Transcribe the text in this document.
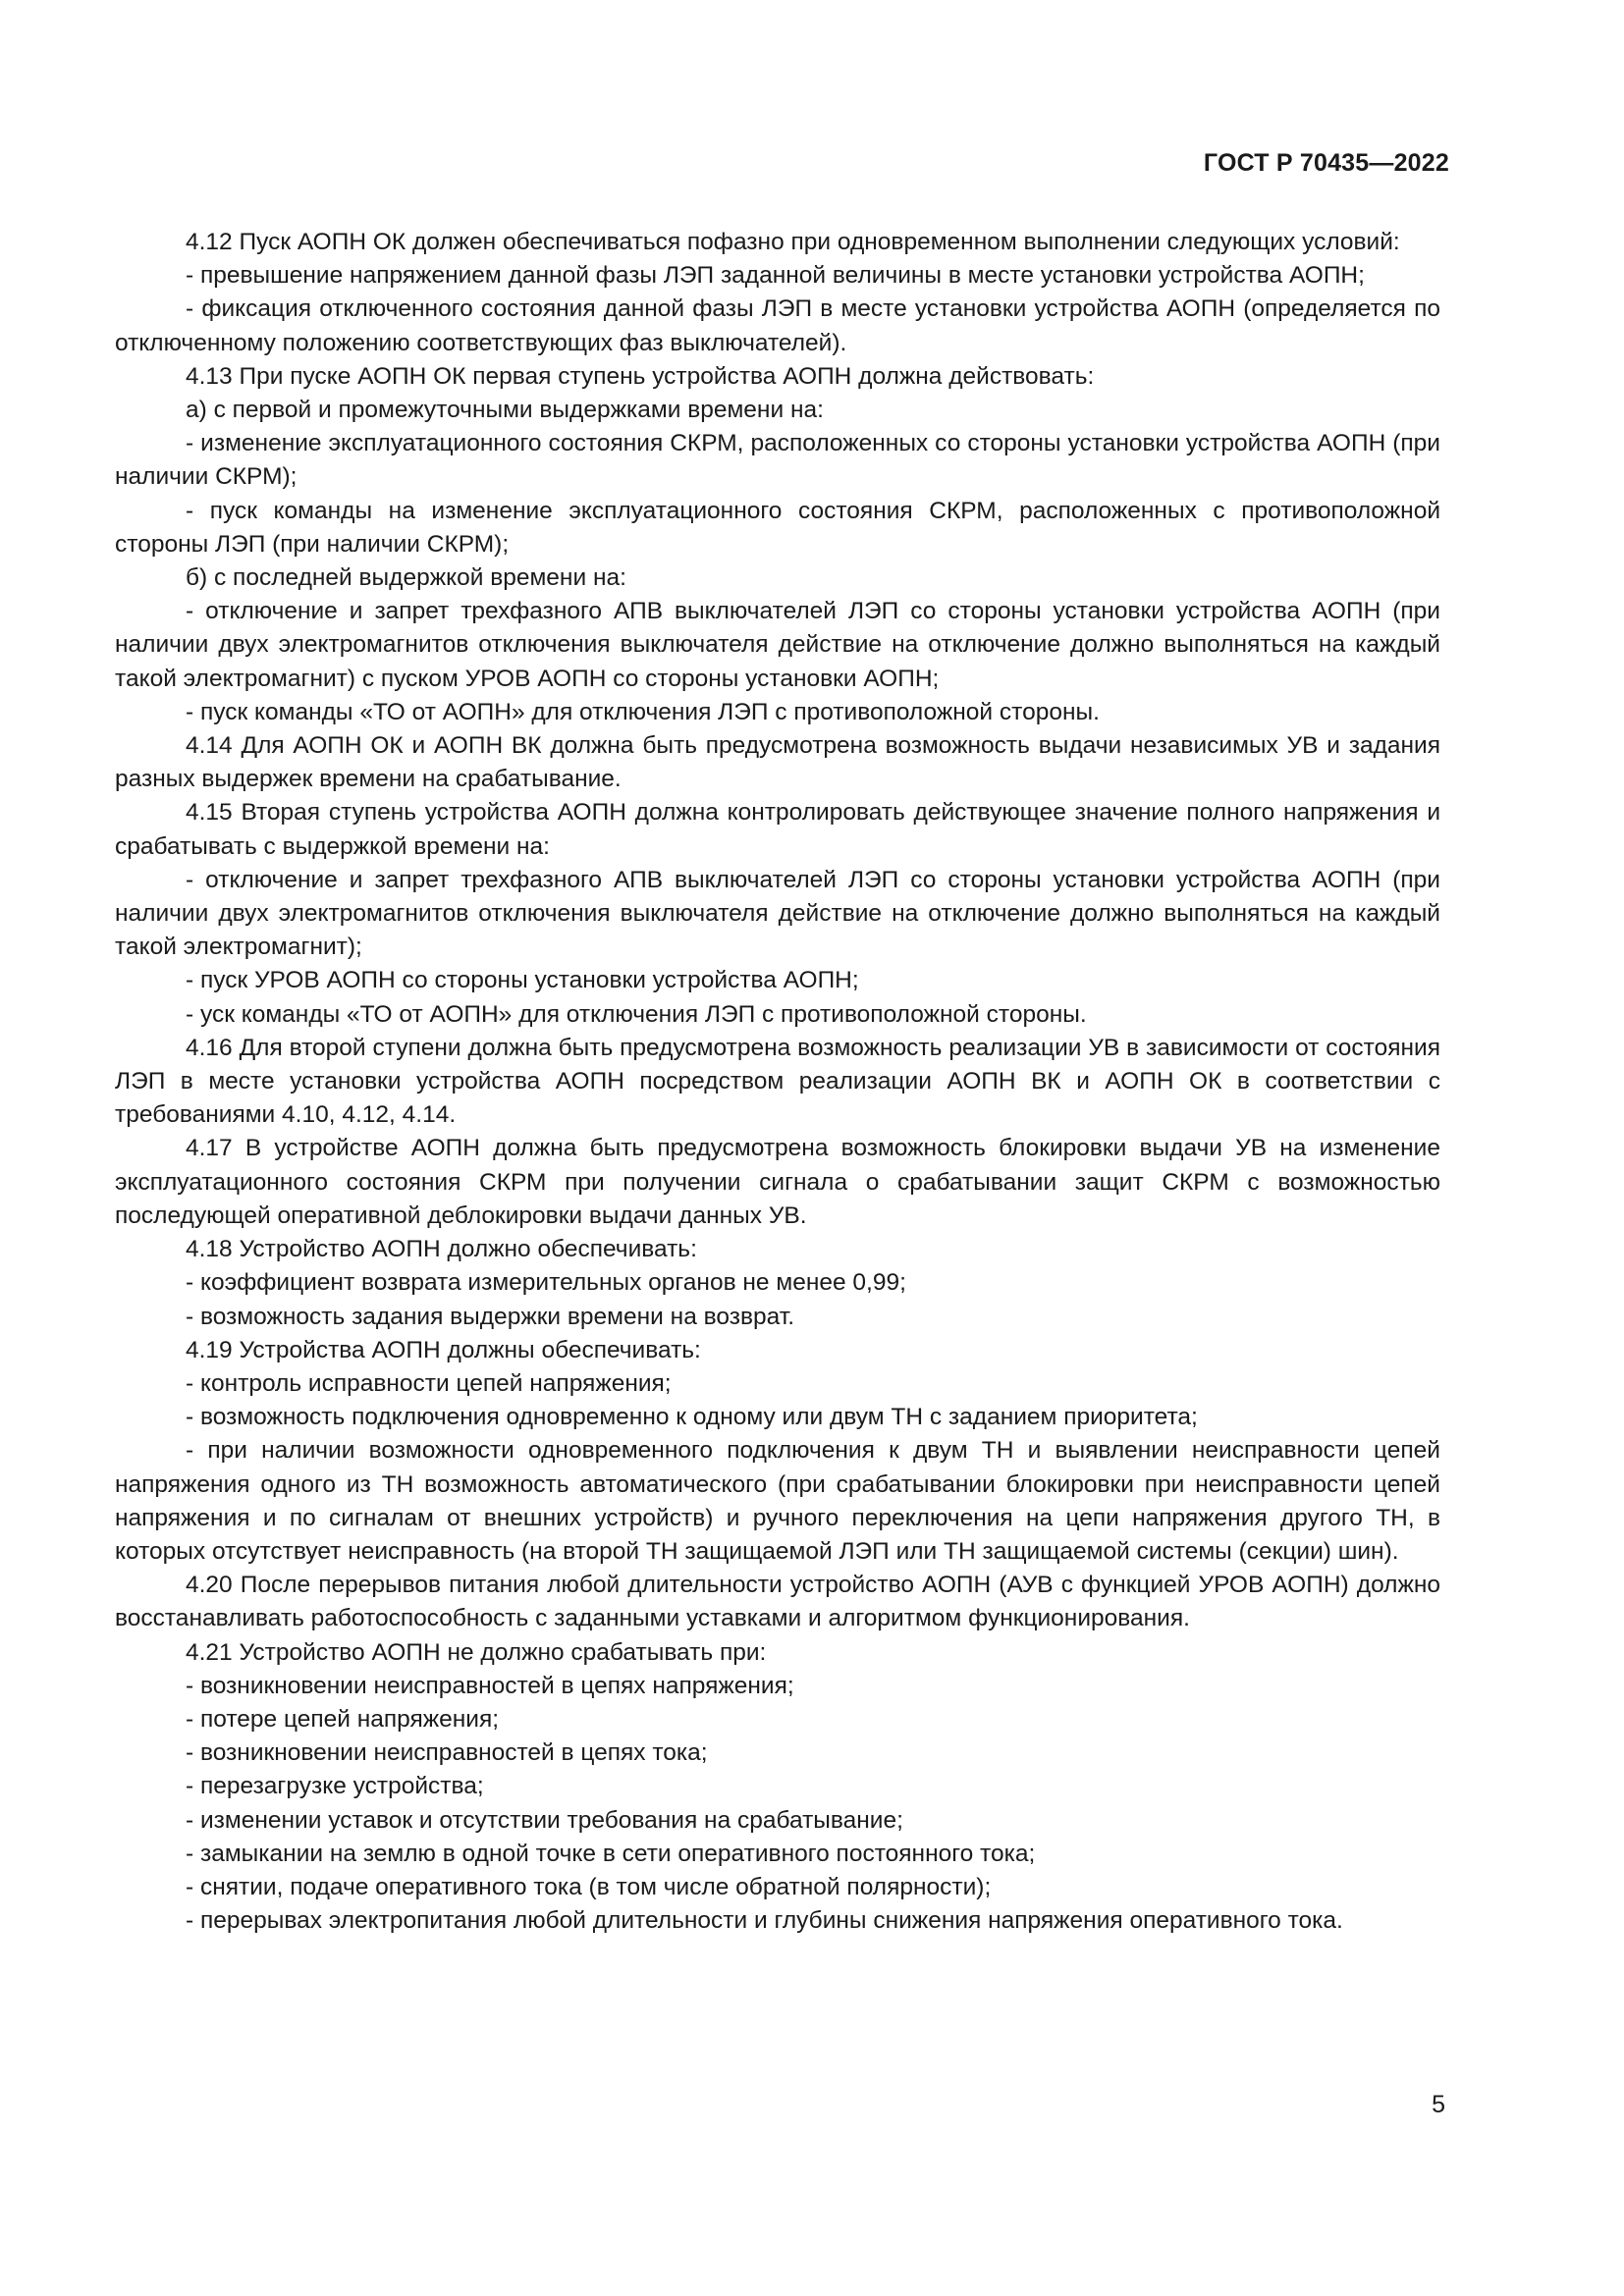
ГОСТ Р 70435—2022

4.12 Пуск АОПН ОК должен обеспечиваться пофазно при одновременном выполнении следующих условий:

- превышение напряжением данной фазы ЛЭП заданной величины в месте установки устройства АОПН;

- фиксация отключенного состояния данной фазы ЛЭП в месте установки устройства АОПН (определяется по отключенному положению соответствующих фаз выключателей).

4.13 При пуске АОПН ОК первая ступень устройства АОПН должна действовать:

а) с первой и промежуточными выдержками времени на:

- изменение эксплуатационного состояния СКРМ, расположенных со стороны установки устройства АОПН (при наличии СКРМ);

- пуск команды на изменение эксплуатационного состояния СКРМ, расположенных с противоположной стороны ЛЭП (при наличии СКРМ);

б) с последней выдержкой времени на:

- отключение и запрет трехфазного АПВ выключателей ЛЭП со стороны установки устройства АОПН (при наличии двух электромагнитов отключения выключателя действие на отключение должно выполняться на каждый такой электромагнит) с пуском УРОВ АОПН со стороны установки АОПН;

- пуск команды «ТО от АОПН» для отключения ЛЭП с противоположной стороны.

4.14 Для АОПН ОК и АОПН ВК должна быть предусмотрена возможность выдачи независимых УВ и задания разных выдержек времени на срабатывание.

4.15 Вторая ступень устройства АОПН должна контролировать действующее значение полного напряжения и срабатывать с выдержкой времени на:

- отключение и запрет трехфазного АПВ выключателей ЛЭП со стороны установки устройства АОПН (при наличии двух электромагнитов отключения выключателя действие на отключение должно выполняться на каждый такой электромагнит);

- пуск УРОВ АОПН со стороны установки устройства АОПН;

- уск команды «ТО от АОПН» для отключения ЛЭП с противоположной стороны.

4.16 Для второй ступени должна быть предусмотрена возможность реализации УВ в зависимости от состояния ЛЭП в месте установки устройства АОПН посредством реализации АОПН ВК и АОПН ОК в соответствии с требованиями 4.10, 4.12, 4.14.

4.17 В устройстве АОПН должна быть предусмотрена возможность блокировки выдачи УВ на изменение эксплуатационного состояния СКРМ при получении сигнала о срабатывании защит СКРМ с возможностью последующей оперативной деблокировки выдачи данных УВ.

4.18 Устройство АОПН должно обеспечивать:

- коэффициент возврата измерительных органов не менее 0,99;

- возможность задания выдержки времени на возврат.

4.19 Устройства АОПН должны обеспечивать:

- контроль исправности цепей напряжения;

- возможность подключения одновременно к одному или двум ТН с заданием приоритета;

- при наличии возможности одновременного подключения к двум ТН и выявлении неисправности цепей напряжения одного из ТН возможность автоматического (при срабатывании блокировки при неисправности цепей напряжения и по сигналам от внешних устройств) и ручного переключения на цепи напряжения другого ТН, в которых отсутствует неисправность (на второй ТН защищаемой ЛЭП или ТН защищаемой системы (секции) шин).

4.20 После перерывов питания любой длительности устройство АОПН (АУВ с функцией УРОВ АОПН) должно восстанавливать работоспособность с заданными уставками и алгоритмом функционирования.

4.21 Устройство АОПН не должно срабатывать при:

- возникновении неисправностей в цепях напряжения;

- потере цепей напряжения;

- возникновении неисправностей в цепях тока;

- перезагрузке устройства;

- изменении уставок и отсутствии требования на срабатывание;

- замыкании на землю в одной точке в сети оперативного постоянного тока;

- снятии, подаче оперативного тока (в том числе обратной полярности);

- перерывах электропитания любой длительности и глубины снижения напряжения оперативного тока.

5
